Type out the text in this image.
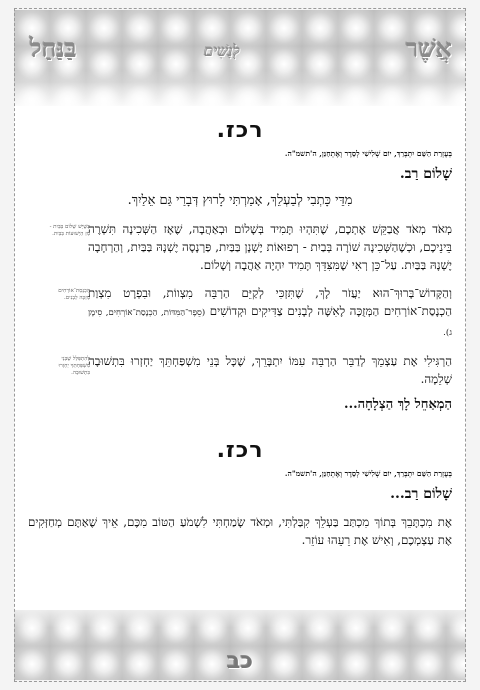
אֲשֶׁר
לְנָשִׁים
בַּנַּחַל
רכז.
בְּעֶזְרַת הַשֵּׁם יִתְבָּרֵךְ, יוֹם שְׁלִישִׁי לְסֵדֶר וָאֶתְחַנַּן, ה'תשמ"ה.
שָׁלוֹם רַב.
מִדֵּי כָּתְבִי לְבַעְלֵךְ, אָמַרְתִּי לָרוּץ דְּבָרַי גַּם אֵלַיִךְ.
כְּשֶׁיֵּשׁ שָׁלוֹם בַּבַּיִת - מְזַ הַיְשׁוּעוֹת בַּבַּיִת.
מְאֹד מְאֹד אֲבַקֵּשׁ אֶתְכֶם, שֶׁתִּהְיוּ תָּמִיד בְּשָׁלוֹם וּבְאַהֲבָה, שֶׁאָז הַשְּׁכִינָה תִּשְׁרֶה בֵּינֵיכֶם, וּכְשֶׁהַשְּׁכִינָה שׁוֹרָה בְּבַיִת - רְפוּאוֹת יֶשְׁנָן בַּבַּיִת, פַּרְנָסָה יֶשְׁנָהּ בַּבַּיִת, וְהַרְחָבָה יֶשְׁנָהּ בַּבַּיִת. עַל־כֵּן רְאִי שֶׁמִּצִּדֵּךְ תָּמִיד יִהְיֶה אַהֲבָה וְשָׁלוֹם.
הַכְנָסַת־אוֹרְחִים מְזַכָּה לְבָנִים.
וְהַקָּדוֹשׁ־בָּרוּךְ־הוּא יַעֲזֹר לָךְ, שֶׁתִּזְכִּי לְקַיֵּם הַרְבֵּה מִצְווֹת, וּבִפְרָט מִצְוַת הַכְנָסַת־אוֹרְחִים הַמְּזֻכָּה לָאִשָּׁה לְבָנִים צַדִּיקִים וּקְדוֹשִׁים (סֵפֶר־הַמִּדּוֹת, הַכְנָסַת־אוֹרְחִים, סִימָן ג).
לְהִתְפַּלֵּל שֶׁבְּנֵי מִשְׁפַּחְתֵּךְ יַחְזְרוּ בִּתְשׁוּבָה.
הַרְגִּילִי אֶת עַצְמֵךְ לְדַבֵּר הַרְבֵּה עִמּוֹ יִתְבָּרֵךְ, שֶׁכָּל בְּנֵי מִשְׁפַּחְתֵּךְ יַחְזְרוּ בִּתְשׁוּבָה שְׁלֵמָה.
הַמְאַחֵל לָךְ הַצְלָחָה...
רכז.
בְּעֶזְרַת הַשֵּׁם יִתְבָּרֵךְ, יוֹם שְׁלִישִׁי לְסֵדֶר וָאֶתְחַנַּן, ה'תשמ"ה.
שָׁלוֹם רַב...
אֶת מִכְתָּבֵךְ בְּתוֹךְ מִכְתַּב בַּעְלֵךְ קִבַּלְתִּי, וּמְאֹד שָׂמַחְתִּי לִשְׁמֹעַ הַטּוֹב מִכֶּם, אֵיךְ שֶׁאַתֶּם מְחַזְּקִים אֶת עַצְמְכֶם, וְאִישׁ אֶת רֵעֵהוּ עוֹזֵר.
כב
